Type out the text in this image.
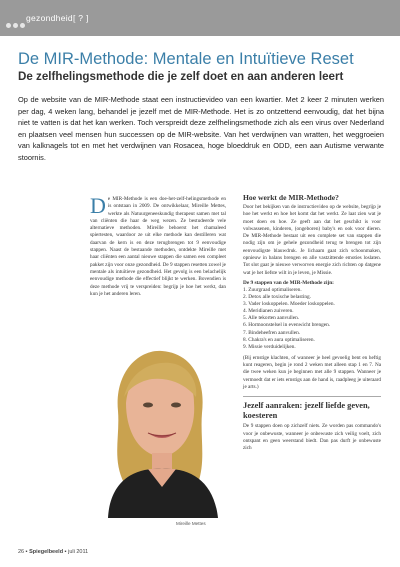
gezondheid[ ? ]
De MIR-Methode: Mentale en Intuïtieve Reset
De zelfhelingsmethode die je zelf doet en aan anderen leert

Op de website van de MIR-Methode staat een instructievideo van een kwartier. Met 2 keer 2 minuten werken per dag, 4 weken lang, behandel je jezelf met de MIR-Methode. Het is zo ontzettend eenvoudig, dat het bijna niet te vatten is dat het kan werken. Toch verspreidt deze zelfhelingsmethode zich als een virus over Nederland en plaatsen veel mensen hun successen op de MIR-website. Van het verdwijnen van wratten, het weggroeien van kalknagels tot en met het verdwijnen van Rosacea, hoge bloeddruk en ODD, een aan Autisme verwante stoornis.

D e MIR-Methode is een doe-het-zelf-helingsmethode en is ontstaan in 2009. De ontwikkelaar, Mireille Mettes, werkte als Natuurgeneeskundig therapeut samen met tal van cliënten die haar de weg wezen. Ze bestudeerde vele alternatieve methoden. Mireille behoerst het chamaleed spiertesten, waardoor ze uit elke methode kan destilleren wat daarvan de kern is en deze terugbrengen tot 9 eenvoudige stappen. Naast de bestaande methoden, ontdekte Mireille met haar cliënten een aantal nieuwe stappen die samen een compleet pakket zijn voor onze gezondheid. De 9 stappen resetten zowel je mentale als intuïtieve gezondheid. Het gevolg is een belachelijk eenvoudige methode die effectief blijkt te werken. Bovendien is deze methode vrij te verspreiden: begrijp je hoe het werkt, dan kun je het anderen leren.

Mireille Mettes
Hoe werkt de MIR-Methode?

Door het bekijken van de instructievideo op de website, begrijp je hoe het werkt en hoe het komt dat het werkt. Ze laat zien wat je moet doen en hoe. Ze geeft aan dat het geschikt is voor volwassenen, kinderen, (ongeboren) baby's en ook voor dieren. De MIR-Methode bestaat uit een complete set van stappen die nodig zijn om je gehele gezondheid terug te brengen tot zijn eenvoudigste blauwdruk. Je lichaam gaat zich schoonmaken, opnieuw in balans brengen en alle vastzittende emoties loslaten. Tot slot gaat je nieuwe verworven energie zich richten op datgene wat je het liefste wilt in je leven, je Missie.

De 9 stappen van de MIR-Methode zijn:

1. Zuurgraad optimaliseren.
2. Detox alle toxische belasting.
3. Vader loskoppelen. Moeder loskoppelen.
4. Meridianen zuiveren.
5. Alle tekorten aanvullen.
6. Hormoonstelsel in evenwicht brengen.
7. Bindeheefren aanvullen.
8. Chakra's en aura optimaliseren.
9. Missie verduidelijken.

(Bij ernstige klachten, of wanneer je heel gevoelig bent en heftig kunt reageren, begin je rond 2 weken met alleen stap 1 en 7. Na die twee weken kun je beginnen met alle 9 stappen. Wanneer je vermoedt dat er iets ernstigs aan de hand is, raadpleeg je uiteraard je arts.)

Jezelf aanraken: jezelf liefde geven, koesteren

De 9 stappen doen op zichzelf niets. Ze worden pas commando's voor je onbewuste, wanneer je onbewuste zich veilig voelt, zich ontspant en geen weerstand biedt. Dan pas durft je onbewuste zich

26 ▪ Spiegelbeeld ▪ juli 2011
